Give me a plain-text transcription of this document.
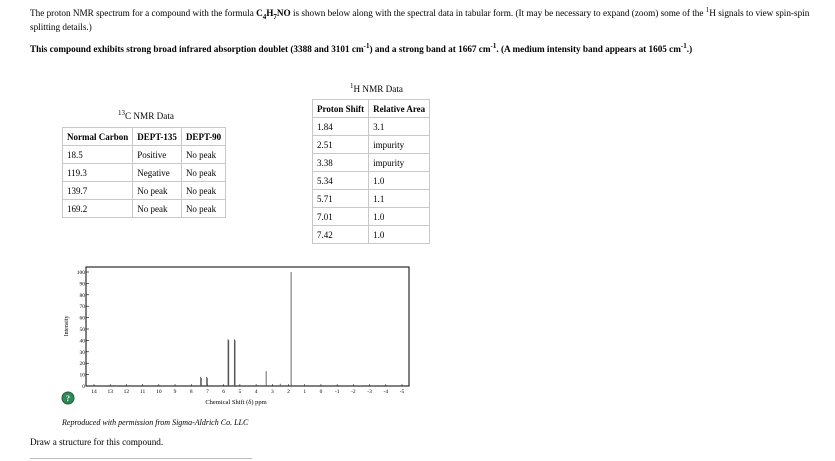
The proton NMR spectrum for a compound with the formula $C_4H_7NO$ is shown below along with the spectral data in tabular form. (It may be necessary to expand (zoom) some of the $^1$H signals to view spin-spin splitting details.)
This compound exhibits strong broad infrared absorption doublet (3388 and 3101 $cm^{-1}$) and a strong band at 1667 $cm^{-1}$. (A medium intensity band appears at 1605 $cm^{-1}$.)
$^{13}$C NMR Data
Normal Carbon	DEPT-135	DEPT-90
18.5	Positive	No peak
119.3	Negative	No peak
139.7	No peak	No peak
169.2	No peak	No peak
$^1$H NMR Data
Proton Shift	Relative Area
1.84	3.1
2.51	impurity
3.38	impurity
5.34	1.0
5.71	1.1
7.01	1.0
7.42	1.0
Intensity
100
90
80
70
60
50
40
30
20
10
0
14 13 12 11 10 9 8 7 6 5 4 3 2 1 0 -1 -2 -3 -4 -5
Chemical Shift (δ) ppm
?
Reproduced with permission from Sigma-Aldrich Co. LLC
Draw a structure for this compound.
